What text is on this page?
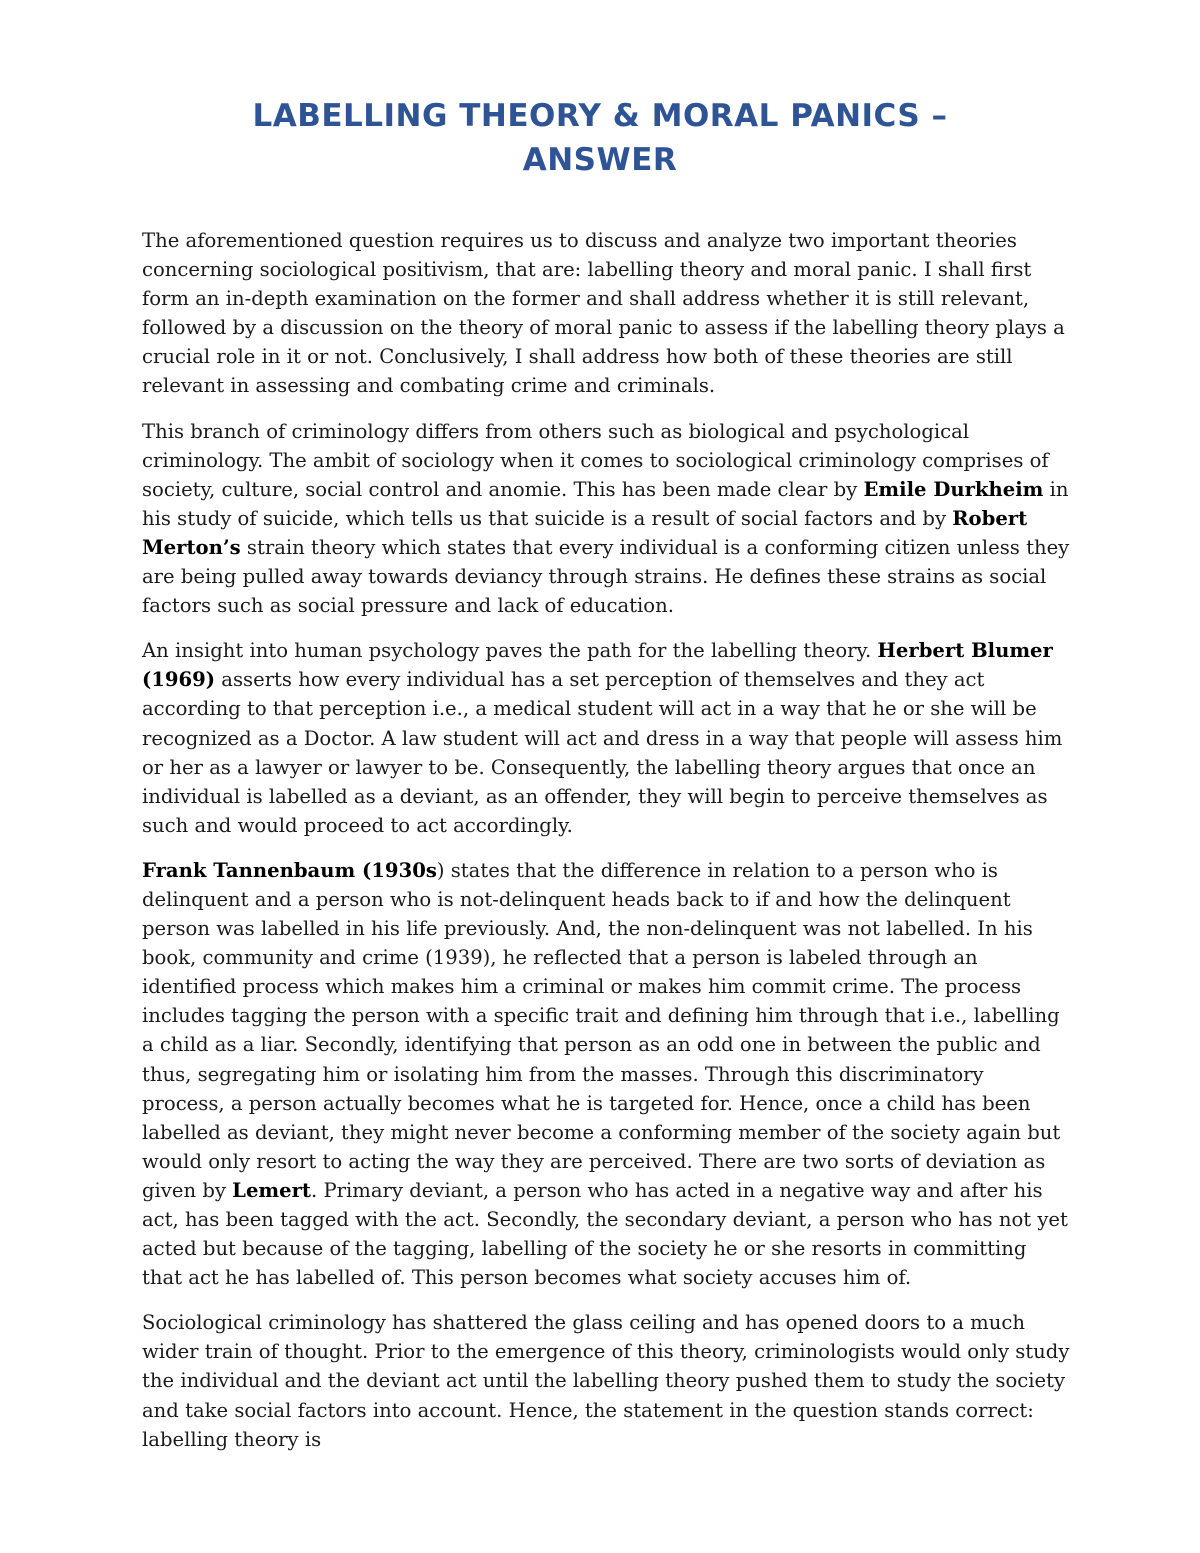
LABELLING THEORY & MORAL PANICS –
ANSWER

The aforementioned question requires us to discuss and analyze two important theories concerning sociological positivism, that are: labelling theory and moral panic. I shall first form an in-depth examination on the former and shall address whether it is still relevant, followed by a discussion on the theory of moral panic to assess if the labelling theory plays a crucial role in it or not. Conclusively, I shall address how both of these theories are still relevant in assessing and combating crime and criminals.

This branch of criminology differs from others such as biological and psychological criminology. The ambit of sociology when it comes to sociological criminology comprises of society, culture, social control and anomie. This has been made clear by Emile Durkheim in his study of suicide, which tells us that suicide is a result of social factors and by Robert Merton’s strain theory which states that every individual is a conforming citizen unless they are being pulled away towards deviancy through strains. He defines these strains as social factors such as social pressure and lack of education.

An insight into human psychology paves the path for the labelling theory. Herbert Blumer (1969) asserts how every individual has a set perception of themselves and they act according to that perception i.e., a medical student will act in a way that he or she will be recognized as a Doctor. A law student will act and dress in a way that people will assess him or her as a lawyer or lawyer to be. Consequently, the labelling theory argues that once an individual is labelled as a deviant, as an offender, they will begin to perceive themselves as such and would proceed to act accordingly.

Frank Tannenbaum (1930s) states that the difference in relation to a person who is delinquent and a person who is not-delinquent heads back to if and how the delinquent person was labelled in his life previously. And, the non-delinquent was not labelled. In his book, community and crime (1939), he reflected that a person is labeled through an identified process which makes him a criminal or makes him commit crime. The process includes tagging the person with a specific trait and defining him through that i.e., labelling a child as a liar. Secondly, identifying that person as an odd one in between the public and thus, segregating him or isolating him from the masses. Through this discriminatory process, a person actually becomes what he is targeted for. Hence, once a child has been labelled as deviant, they might never become a conforming member of the society again but would only resort to acting the way they are perceived. There are two sorts of deviation as given by Lemert. Primary deviant, a person who has acted in a negative way and after his act, has been tagged with the act. Secondly, the secondary deviant, a person who has not yet acted but because of the tagging, labelling of the society he or she resorts in committing that act he has labelled of. This person becomes what society accuses him of.

Sociological criminology has shattered the glass ceiling and has opened doors to a much wider train of thought. Prior to the emergence of this theory, criminologists would only study the individual and the deviant act until the labelling theory pushed them to study the society and take social factors into account. Hence, the statement in the question stands correct: labelling theory is
